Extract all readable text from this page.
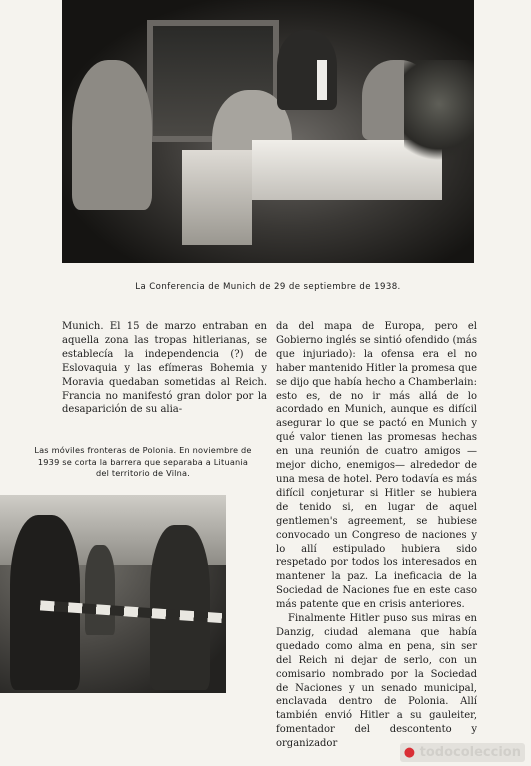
La Conferencia de Munich de 29 de septiembre de 1938.

Munich. El 15 de marzo entraban en aquella zona las tropas hitlerianas, se establecía la independencia (?) de Eslovaquia y las efímeras Bohemia y Moravia quedaban sometidas al Reich. Francia no manifestó gran dolor por la desaparición de su alia-

Las móviles fronteras de Polonia. En noviembre de 1939 se corta la barrera que separaba a Lituania del territorio de Vilna.

da del mapa de Europa, pero el Gobierno inglés se sintió ofendido (más que injuriado): la ofensa era el no haber mantenido Hitler la promesa que se dijo que había hecho a Chamberlain: esto es, de no ir más allá de lo acordado en Munich, aunque es difícil asegurar lo que se pactó en Munich y qué valor tienen las promesas hechas en una reunión de cuatro amigos —mejor dicho, enemigos— alrededor de una mesa de hotel. Pero todavía es más difícil conjeturar si Hitler se hubiera de tenido si, en lugar de aquel gentlemen's agreement, se hubiese convocado un Congreso de naciones y lo allí estipulado hubiera sido respetado por todos los interesados en mantener la paz. La ineficacia de la Sociedad de Naciones fue en este caso más patente que en crisis anteriores.

Finalmente Hitler puso sus miras en Danzig, ciudad alemana que había quedado como alma en pena, sin ser del Reich ni dejar de serlo, con un comisario nombrado por la Sociedad de Naciones y un senado municipal, enclavada dentro de Polonia. Allí también envió Hitler a su gauleiter, fomentador del descontento y organizador

● todocoleccion
